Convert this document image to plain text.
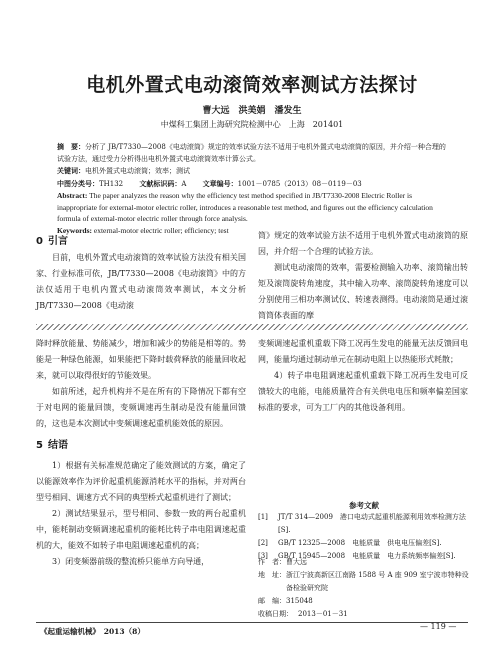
电机外置式电动滚筒效率测试方法探讨
曹大远　洪美娟　潘发生
中煤科工集团上海研究院检测中心　上海　201401

摘　要：分析了 JB/T7330—2008《电动滚筒》规定的效率试验方法不适用于电机外置式电动滚筒的原因，并介绍一种合理的试验方法，通过受力分析得出电机外置式电动滚筒效率计算公式。

关键词：电机外置式电动滚筒；效率；测试

中图分类号：TH132    文献标识码：A    文章编号：1001－0785（2013）08－0119－03

Abstract: The paper analyzes the reason why the efficiency test method specified in JB/T7330-2008 Electric Roller is inappropriate for external-motor electric roller, introduces a reasonable test method, and figures out the efficiency calculation formula of external-motor electric roller through force analysis.

Keywords: external-motor electric roller; efficiency; test

0  引言

目前，电机外置式电动滚筒的效率试验方法没有相关国家、行业标准可依，JB/T7330—2008《电动滚筒》中的方法仅适用于电机内置式电动滚筒效率测试，本文分析 JB/T7330—2008《电动滚

筒》规定的效率试验方法不适用于电机外置式电动滚筒的原因，并介绍一个合理的试验方法。

测试电动滚筒的效率，需要检测输入功率、滚筒输出转矩及滚筒旋转角速度，其中输入功率、滚筒旋转角速度可以分别使用三相功率测试仪、转速表测得。电动滚筒是通过滚筒筒体表面的摩

降时释放能量、势能减少，增加和减少的势能是相等的。势能是一种绿色能源，如果能把下降时载荷释放的能量回收起来，就可以取得很好的节能效果。

如前所述，起升机构并不是在所有的下降情况下都有空于对电网的能量回馈，变频调速再生制动是没有能量回馈的，这也是本次测试中变频调速起重机能效低的原因。

5  结语

1）根据有关标准规范确定了能效测试的方案，确定了以能源效率作为评价起重机能源消耗水平的指标，并对两台型号相同、调速方式不同的典型桥式起重机进行了测试；

2）测试结果显示，型号相同、参数一致的两台起重机中，能耗制动变频调速起重机的能耗比转子串电阻调速起重机的大，能效不如转子串电阻调速起重机的高；

3）闭变频器前级的整流桥只能单方向导通，

变频调速起重机重载下降工况再生发电的能量无法反馈回电网，能量均通过制动单元在制动电阻上以热能形式耗散；

4）转子串电阻调速起重机重载下降工况再生发电可反馈较大的电能，电能质量符合有关供电电压和频率偏差国家标准的要求，可为工厂内的其他设备利用。

参考文献
[1]	JT/T 314—2009　港口电动式起重机能源利用效率检测方法[S].
[2]	GB/T 12325—2008　电能质量　供电电压偏差[S].
[3]	GB/T 15945—2008　电能质量　电力系统频率偏差[S].
作　者： 曹大远
地　址： 浙江宁波高新区江南路 1588 号 A 座 909 室宁波市特种设备检验研究院
邮　编： 315048
收稿日期： 2013－01－31
《起重运输机械》　2013（8）
— 119 —
